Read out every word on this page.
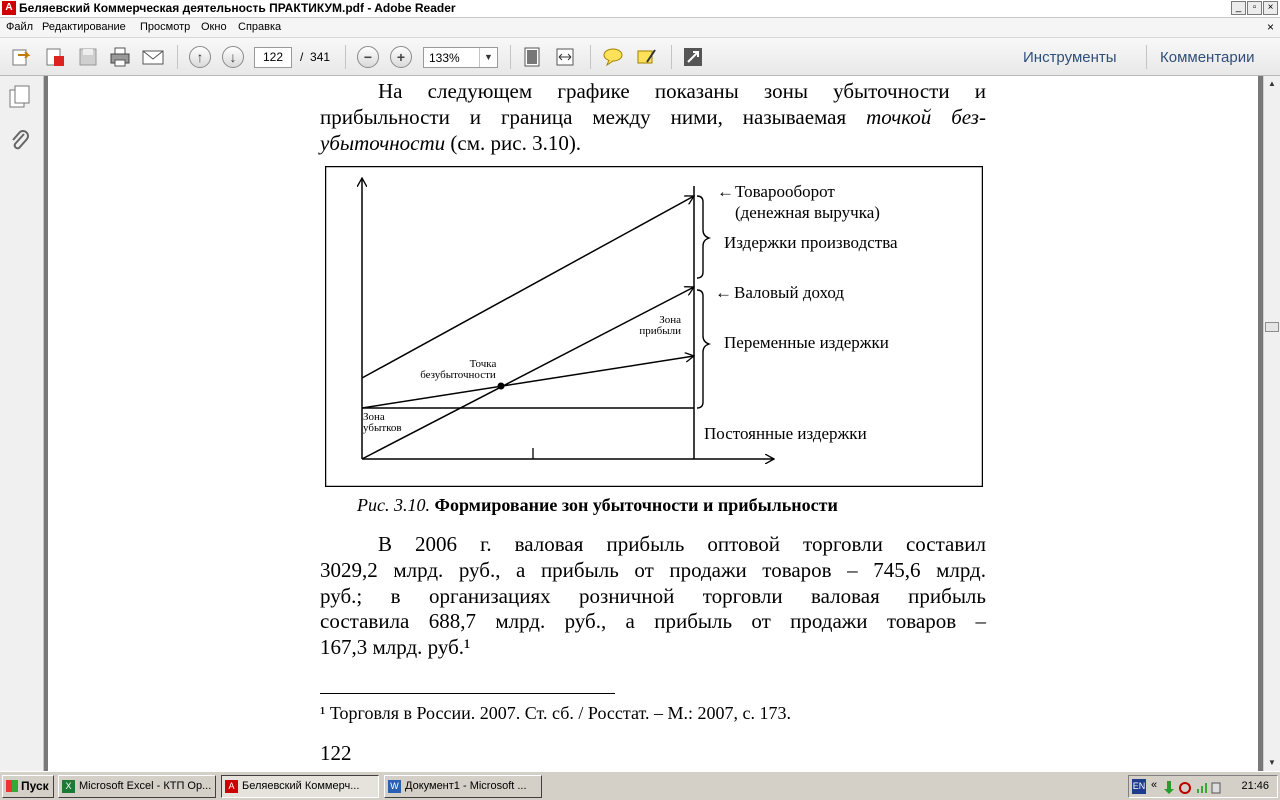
A Беляевский Коммерческая деятельность ПРАКТИКУМ.pdf - Adobe Reader	_	▫	×
Файл Редактирование Просмотр Окно Справка	×
↑	↓	122	/ 341	−	+	133%	▼	Инструменты	Комментарии
На следующем графике показаны зоны убыточности и
прибыльности и граница между ними, называемая точкой без-
убыточности (см. рис. 3.10).
← Товарооборот
(денежная выручка)
Издержки производства
← Валовый доход
Переменные издержки
Постоянные издержки
Зона
прибыли
Точка
безубыточности
Зона
убытков
Рис. 3.10. Формирование зон убыточности и прибыльности
В 2006 г. валовая прибыль оптовой торговли составил
3029,2 млрд. руб., а прибыль от продажи товаров – 745,6 млрд.
руб.; в организациях розничной торговли валовая прибыль
составила 688,7 млрд. руб., а прибыль от продажи товаров –
167,3 млрд. руб.¹
¹ Торговля в России. 2007. Ст. сб. / Росстат. – М.: 2007, с. 173.
122
▲
▼
Пуск	X Microsoft Excel - КТП Ор...	A Беляевский Коммерч...	W Документ1 - Microsoft ...	EN «	21:46
